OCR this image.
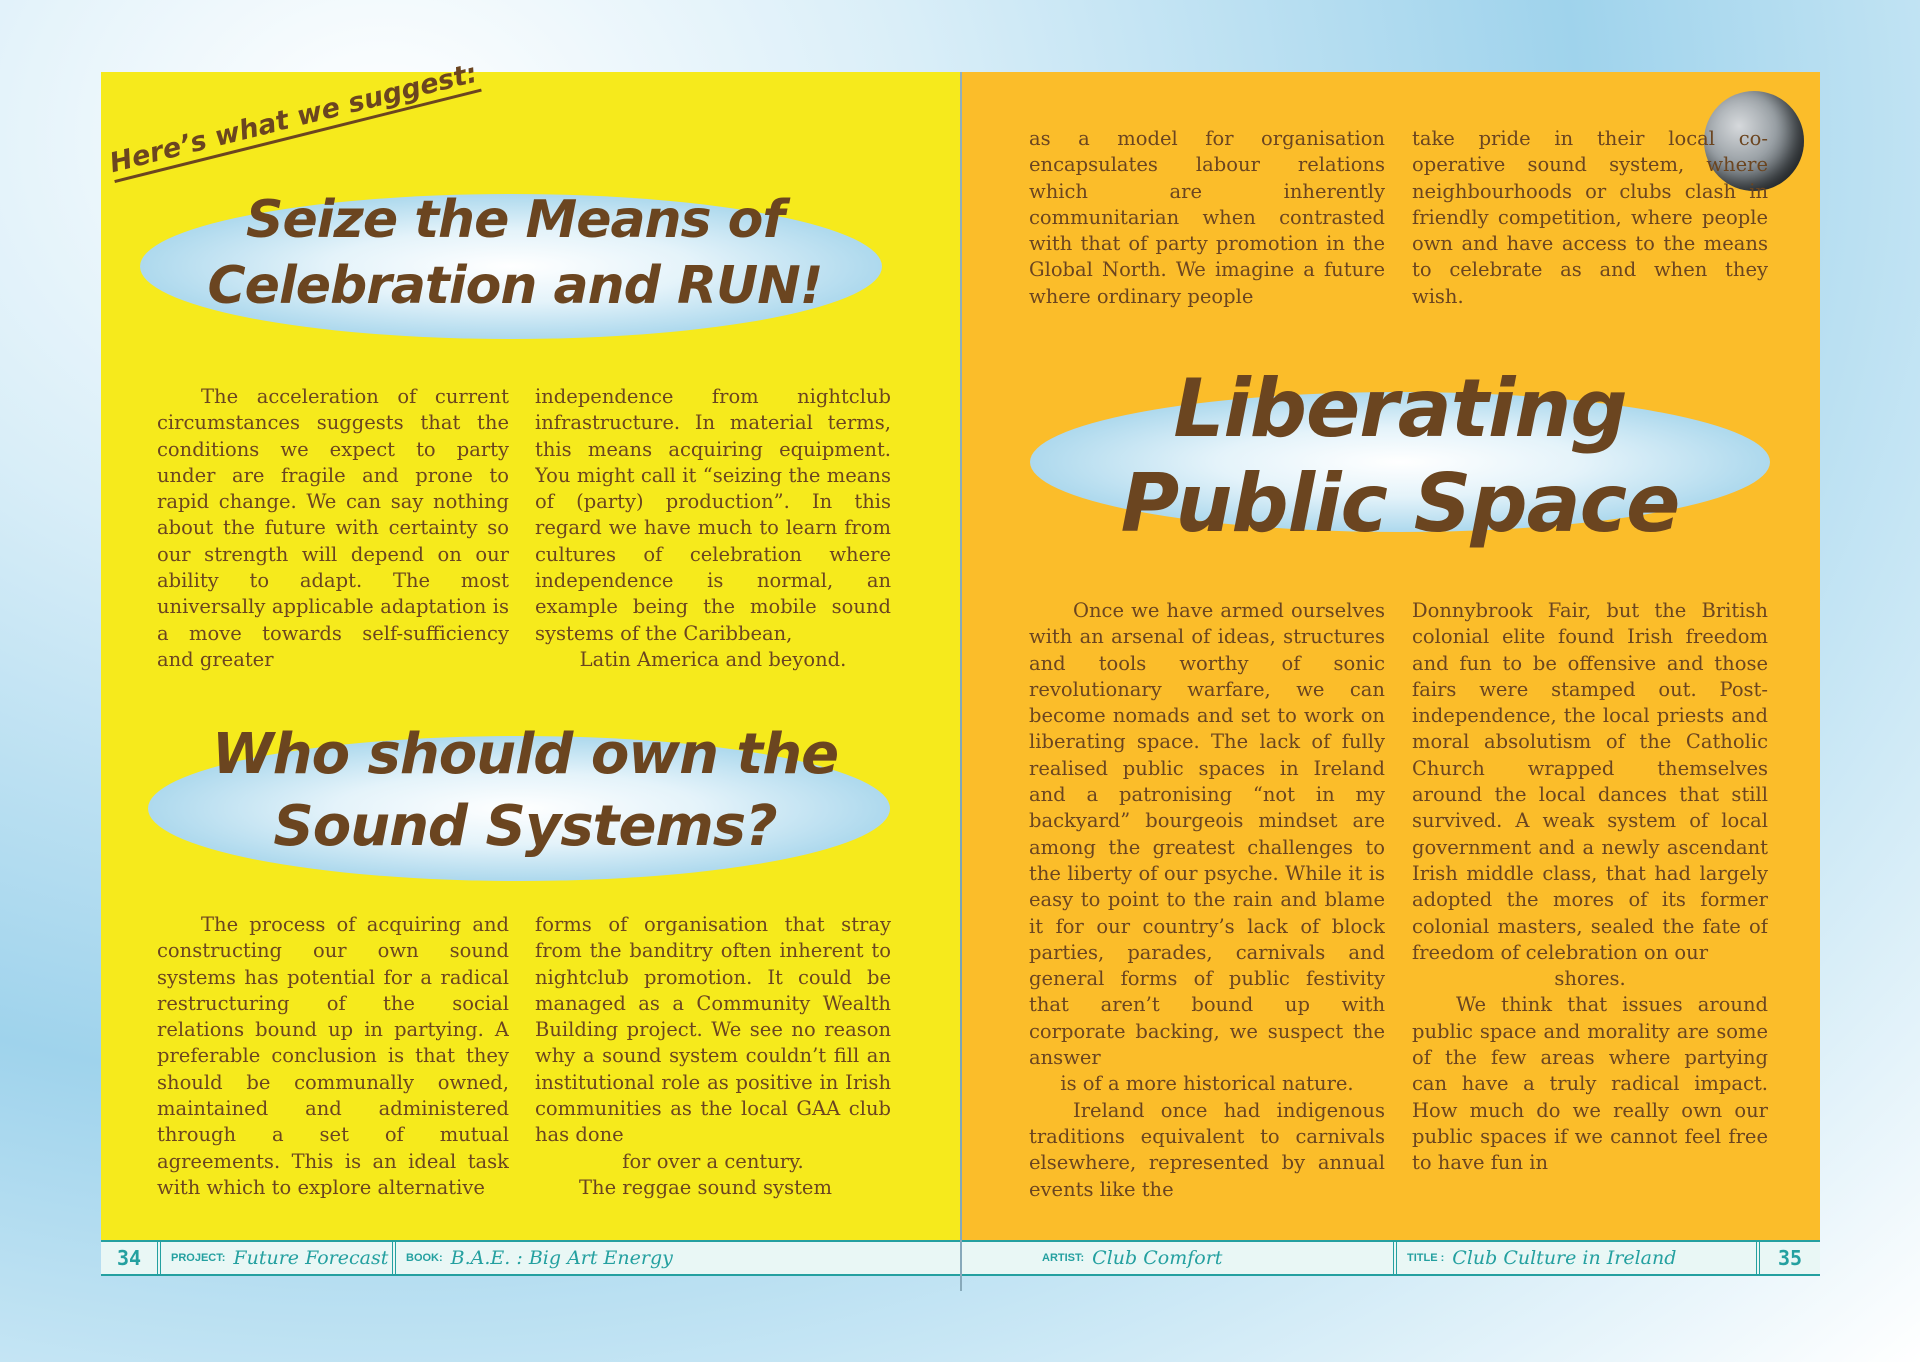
Here’s what we suggest:
Seize the Means of
Celebration and RUN!

The acceleration of current circumstances suggests that the conditions we expect to party under are fragile and prone to rapid change. We can say nothing about the future with certainty so our strength will depend on our ability to adapt. The most universally applicable adaptation is a move towards self-sufficiency and greater

independence from nightclub infrastructure. In material terms, this means acquiring equipment. You might call it “seizing the means of (party) production”. In this regard we have much to learn from cultures of celebration where independence is normal, an example being the mobile sound systems of the Caribbean,
Latin America and beyond.

Who should own the
Sound Systems?

The process of acquiring and constructing our own sound systems has potential for a radical restructuring of the social relations bound up in partying. A preferable conclusion is that they should be communally owned, maintained and administered through a set of mutual agreements. This is an ideal task with which to explore alternative

forms of organisation that stray from the banditry often inherent to nightclub promotion. It could be managed as a Community Wealth Building project. We see no reason why a sound system couldn’t fill an institutional role as positive in Irish communities as the local GAA club has done
for over a century.
The reggae sound system

as a model for organisation encapsulates labour relations which are inherently communitarian when contrasted with that of party promotion in the Global North. We imagine a future where ordinary people

take pride in their local co-operative sound system, where neighbourhoods or clubs clash in friendly competition, where people own and have access to the means to celebrate as and when they wish.

Liberating
Public Space

Once we have armed ourselves with an arsenal of ideas, structures and tools worthy of sonic revolutionary warfare, we can become nomads and set to work on liberating space. The lack of fully realised public spaces in Ireland and a patronising “not in my backyard” bourgeois mindset are among the greatest challenges to the liberty of our psyche. While it is easy to point to the rain and blame it for our country’s lack of block parties, parades, carnivals and general forms of public festivity that aren’t bound up with corporate backing, we suspect the answer
is of a more historical nature.
Ireland once had indigenous traditions equivalent to carnivals elsewhere, represented by annual events like the

Donnybrook Fair, but the British colonial elite found Irish freedom and fun to be offensive and those fairs were stamped out. Post-independence, the local priests and moral absolutism of the Catholic Church wrapped themselves around the local dances that still survived. A weak system of local government and a newly ascendant Irish middle class, that had largely adopted the mores of its former colonial masters, sealed the fate of freedom of celebration on our
shores.
We think that issues around public space and morality are some of the few areas where partying can have a truly radical impact. How much do we really own our public spaces if we cannot feel free to have fun in

34	PROJECT: Future Forecast BOOK: B.A.E. : Big Art Energy	ARTIST: Club Comfort	TITLE : Club Culture in Ireland	35
